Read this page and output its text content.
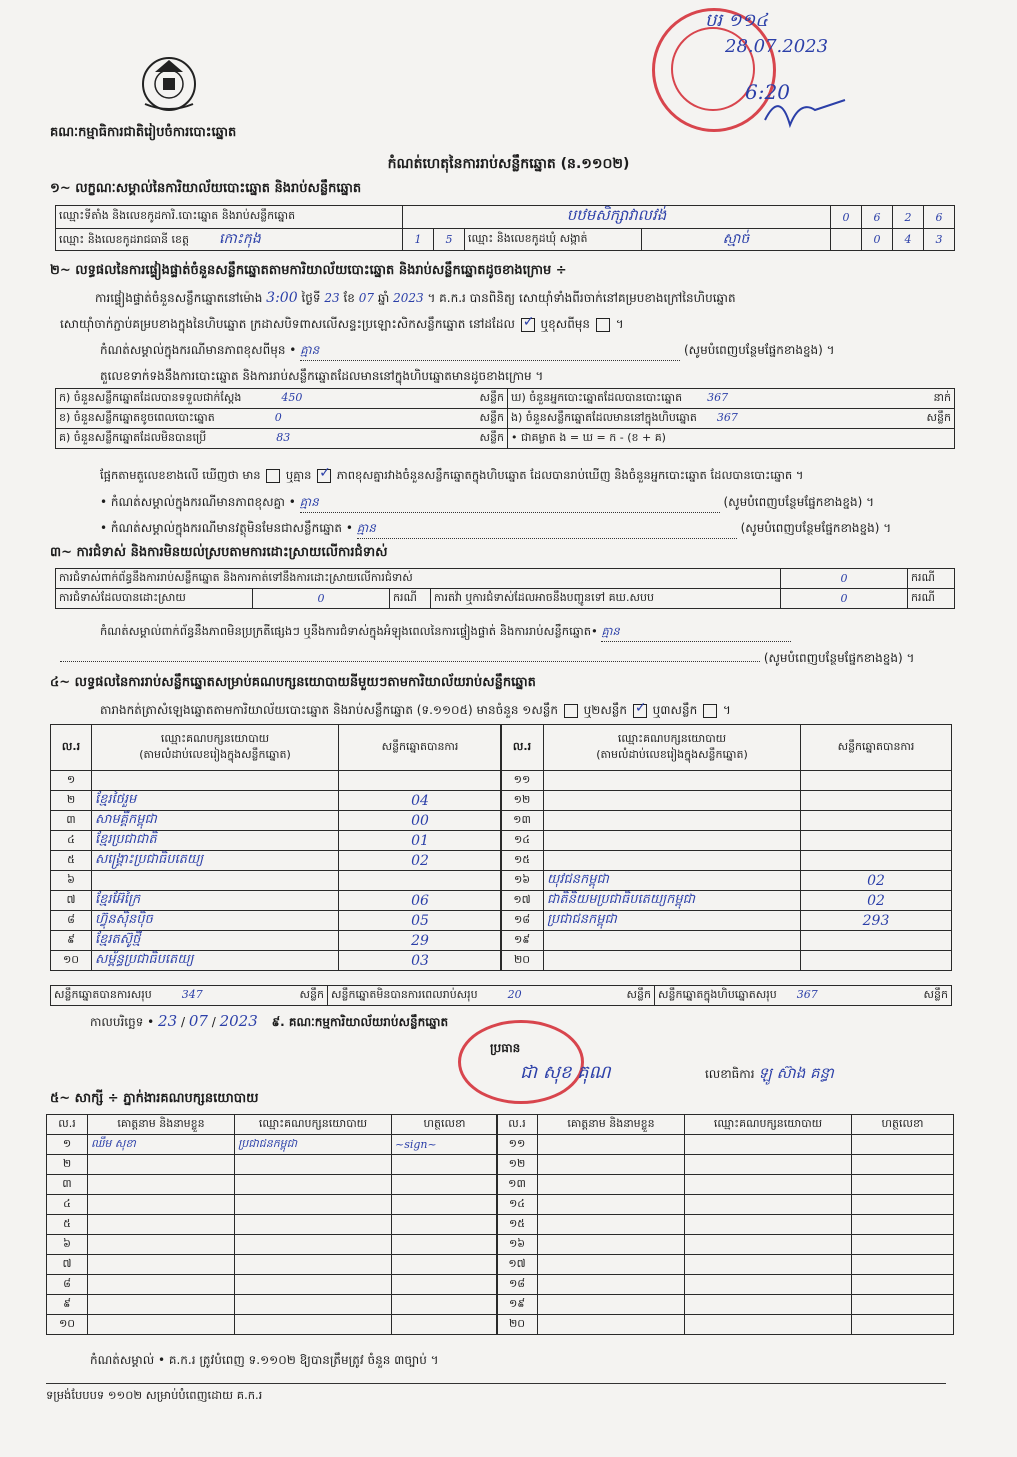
គណៈកម្មាធិការជាតិរៀបចំការបោះឆ្នោត
បរ ១១៤
28.07.2023
6:20
កំណត់ហេតុនៃការរាប់សន្លឹកឆ្នោត (ន.១១០២)
១~ លក្ខណៈសម្គាល់នៃការិយាល័យបោះឆ្នោត និងរាប់សន្លឹកឆ្នោត
ឈ្មោះទីតាំង និងលេខកូដការិ.បោះឆ្នោត និងរាប់សន្លឹកឆ្នោត	បឋមសិក្សាវាលវង់				0	6	2	6
ឈ្មោះ និងលេខកូដរាជធានី ខេត្ត កោះកុង	1	5	ឈ្មោះ និងលេខកូដឃុំ សង្កាត់	ស្មាច់		0	4	3
២~ លទ្ធផលនៃការផ្ទៀងផ្ទាត់ចំនួនសន្លឹកឆ្នោតតាមការិយាល័យបោះឆ្នោត និងរាប់សន្លឹកឆ្នោតដូចខាងក្រោម ÷
ការផ្ទៀងផ្ទាត់ចំនួនសន្លឹកឆ្នោតនៅម៉ោង 3:00 ថ្ងៃទី 23 ខែ 07 ឆ្នាំ 2023 ។ គ.ក.រ បានពិនិត្យ សោយ៉ាំទាំងពីរចាក់នៅគម្របខាងក្រៅនៃហិបឆ្នោត
សោយ៉ាំចាក់ភ្ជាប់គម្របខាងក្នុងនៃហិបឆ្នោត ក្រដាសបិទពាសលើសន្ទះប្រឡោះសិកសន្លឹកឆ្នោត នៅដដែល ✓ ឬខុសពីមុន  ។
កំណត់សម្គាល់ក្នុងករណីមានភាពខុសពីមុន • គ្មាន	(សូមបំពេញបន្ថែមផ្នែកខាងខ្នង) ។
តួលេខទាក់ទងនឹងការបោះឆ្នោត និងការរាប់សន្លឹកឆ្នោតដែលមាននៅក្នុងហិបឆ្នោតមានដូចខាងក្រោម ។
ក) ចំនួនសន្លឹកឆ្នោតដែលបានទទួលជាក់ស្តែង 450 សន្លឹក	ឃ) ចំនួនអ្នកបោះឆ្នោតដែលបានបោះឆ្នោត 367 នាក់

ខ) ចំនួនសន្លឹកឆ្នោតខូចពេលបោះឆ្នោត 0 សន្លឹក	ង) ចំនួនសន្លឹកឆ្នោតដែលមាននៅក្នុងហិបឆ្នោត 367 សន្លឹក

គ) ចំនួនសន្លឹកឆ្នោតដែលមិនបានប្រើ 83 សន្លឹក	• ជាគម្លាត ង = ឃ = ក - (ខ + គ)
ផ្អែកតាមតួលេខខាងលើ ឃើញថា មាន ឬគ្មាន ✓ ភាពខុសគ្នារវាងចំនួនសន្លឹកឆ្នោតក្នុងហិបឆ្នោត ដែលបានរាប់ឃើញ និងចំនួនអ្នកបោះឆ្នោត ដែលបានបោះឆ្នោត ។
• កំណត់សម្គាល់ក្នុងករណីមានភាពខុសគ្នា • គ្មាន	(សូមបំពេញបន្ថែមផ្នែកខាងខ្នង) ។
• កំណត់សម្គាល់ក្នុងករណីមានវត្ថុមិនមែនជាសន្លឹកឆ្នោត • គ្មាន	(សូមបំពេញបន្ថែមផ្នែកខាងខ្នង) ។
៣~ ការជំទាស់ និងការមិនយល់ស្របតាមការដោះស្រាយលើការជំទាស់
ការជំទាស់ពាក់ព័ន្ធនឹងការរាប់សន្លឹកឆ្នោត និងការកាត់ទៅនឹងការដោះស្រាយលើការជំទាស់				0	ករណី
ការជំទាស់ដែលបានដោះស្រាយ	0	ករណី	ការតវ៉ា ឬការជំទាស់ដែលអាចនឹងបញ្ជូនទៅ គឃ.សបប	0	ករណី
កំណត់សម្គាល់ពាក់ព័ន្ធនឹងភាពមិនប្រក្រតីផ្សេងៗ ឬនឹងការជំទាស់ក្នុងអំឡុងពេលនៃការផ្ទៀងផ្ទាត់ និងការរាប់សន្លឹកឆ្នោត• គ្មាន
(សូមបំពេញបន្ថែមផ្នែកខាងខ្នង) ។
៤~ លទ្ធផលនៃការរាប់សន្លឹកឆ្នោតសម្រាប់គណបក្សនយោបាយនីមួយៗតាមការិយាល័យរាប់សន្លឹកឆ្នោត
តារាងកត់ត្រាសំឡេងឆ្នោតតាមការិយាល័យបោះឆ្នោត និងរាប់សន្លឹកឆ្នោត (ទ.១១០៥) មានចំនួន ១សន្លឹក ឬ២សន្លឹក ✓ ឬ៣សន្លឹក  ។
ល.រ	ឈ្មោះគណបក្សនយោបាយ
(តាមលំដាប់លេខរៀងក្នុងសន្លឹកឆ្នោត)	សន្លឹកឆ្នោតបានការ
១		
២	ខ្មែរថៃរួម	04
៣	សាមគ្គីកម្ពុជា	00
៤	ខ្មែរប្រជាជាតិ	01
៥	សង្គ្រោះប្រជាធិបតេយ្យ	02
៦		
៧	ខ្មែរអ៊ែក្រៃ	06
៨	ហ៊្វុនស៊ិនប៉ិច	05
៩	ខ្មែរតស៊ូថ្មី	29
១០	សម្ព័ន្ធប្រជាធិបតេយ្យ	03
ល.រ	ឈ្មោះគណបក្សនយោបាយ
(តាមលំដាប់លេខរៀងក្នុងសន្លឹកឆ្នោត)	សន្លឹកឆ្នោតបានការ
១១		
១២		
១៣		
១៤		
១៥		
១៦	យុវជនកម្ពុជា	02
១៧	ជាតិនិយមប្រជាធិបតេយ្យកម្ពុជា	02
១៨	ប្រជាជនកម្ពុជា	293
១៩		
២០		
សន្លឹកឆ្នោតបានការសរុប	347	សន្លឹក	សន្លឹកឆ្នោតមិនបានការពេលរាប់សរុប	20	សន្លឹក	សន្លឹកឆ្នោតក្នុងហិបឆ្នោតសរុប 367	សន្លឹក
កាលបរិច្ឆេទ • 23 / 07 / 2023 ៩. គណៈកម្មការិយាល័យរាប់សន្លឹកឆ្នោត
ប្រធាន
ជា សុខ គុណ	លេខាធិការ ឡូ ស៊ាង គន្ធា
៥~ សាក្សី ÷ ភ្នាក់ងារគណបក្សនយោបាយ
ល.រ	គោត្តនាម និងនាមខ្លួន	ឈ្មោះគណបក្សនយោបាយ	ហត្ថលេខា
១	ឈឹម សុខា	ប្រជាជនកម្ពុជា	~sign~
២			
៣			
៤			
៥			
៦			
៧			
៨			
៩			
១០			
ល.រ	គោត្តនាម និងនាមខ្លួន	ឈ្មោះគណបក្សនយោបាយ	ហត្ថលេខា
១១			
១២			
១៣			
១៤			
១៥			
១៦			
១៧			
១៨			
១៩			
២០			
កំណត់សម្គាល់ • គ.ក.រ ត្រូវបំពេញ ទ.១១០២ ឱ្យបានត្រឹមត្រូវ ចំនួន ៣ច្បាប់ ។
ទម្រង់បែបបទ ១១០២ សម្រាប់បំពេញដោយ គ.ក.រ
